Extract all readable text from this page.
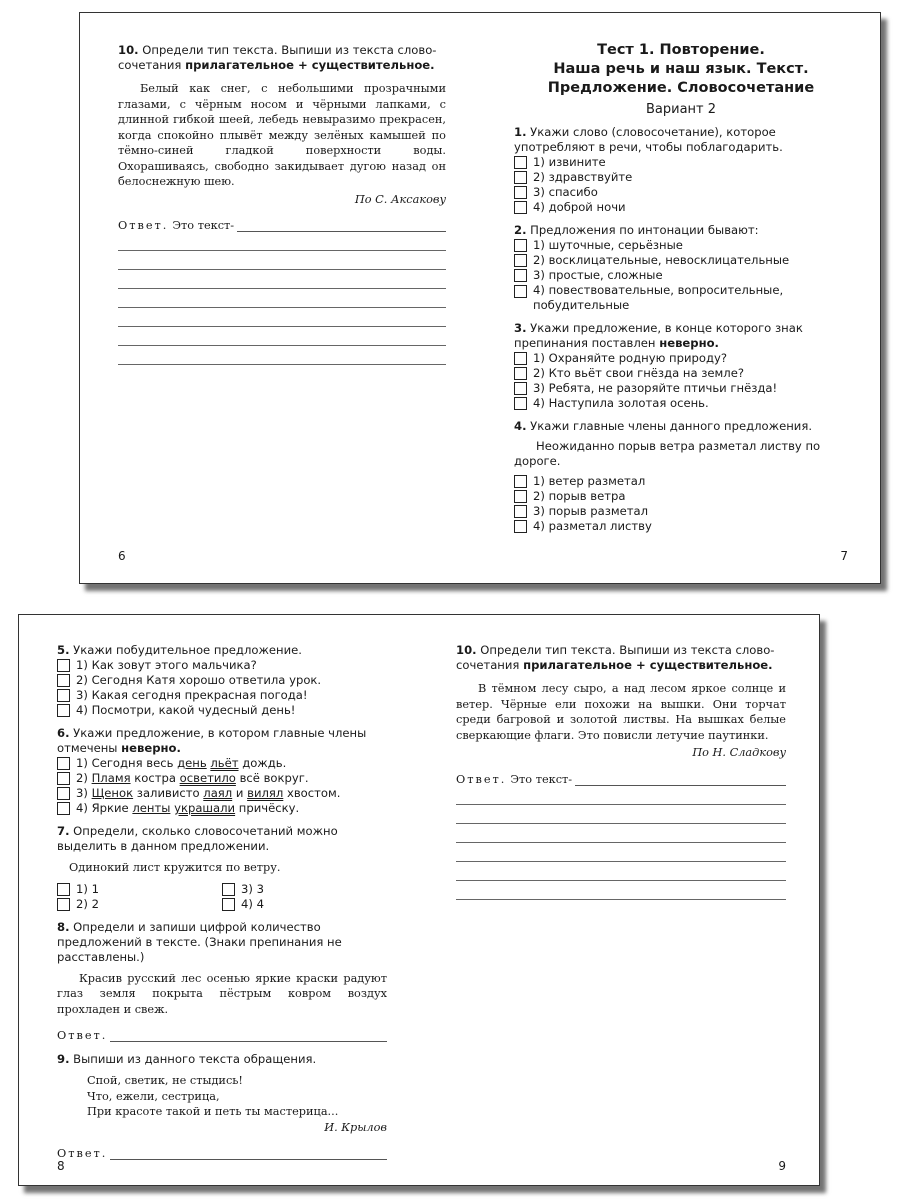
10. Определи тип текста. Выпиши из текста слово-сочетания прилагательное + существительное.

Белый как снег, с небольшими прозрачными глазами, с чёрным носом и чёрными лапками, с длинной гибкой шеей, лебедь невыразимо прекрасен, когда спокойно плывёт между зелёных камышей по тёмно-синей гладкой поверхности воды. Охорашиваясь, свободно закидывает дугою назад он белоснежную шею.

По С. Аксакову

Ответ. Это текст-
6
Тест 1. Повторение.
Наша речь и наш язык. Текст.
Предложение. Словосочетание
Вариант 2

1. Укажи слово (словосочетание), которое употребляют в речи, чтобы поблагодарить.

1) извините
2) здравствуйте
3) спасибо
4) доброй ночи

2. Предложения по интонации бывают:

1) шуточные, серьёзные
2) восклицательные, невосклицательные
3) простые, сложные
4) повествовательные, вопросительные, побудительные

3. Укажи предложение, в конце которого знак препинания поставлен неверно.

1) Охраняйте родную природу?
2) Кто вьёт свои гнёзда на земле?
3) Ребята, не разоряйте птичьи гнёзда!
4) Наступила золотая осень.

4. Укажи главные члены данного предложения.

Неожиданно порыв ветра разметал листву по дороге.

1) ветер разметал
2) порыв ветра
3) порыв разметал
4) разметал листву
7

5. Укажи побудительное предложение.

1) Как зовут этого мальчика?
2) Сегодня Катя хорошо ответила урок.
3) Какая сегодня прекрасная погода!
4) Посмотри, какой чудесный день!

6. Укажи предложение, в котором главные члены отмечены неверно.

1) Сегодня весь день льёт дождь.
2) Пламя костра осветило всё вокруг.
3) Щенок заливисто лаял и вилял хвостом.
4) Яркие ленты украшали причёску.

7. Определи, сколько словосочетаний можно выделить в данном предложении.

Одинокий лист кружится по ветру.

1) 1
2) 2
3) 3
4) 4

8. Определи и запиши цифрой количество предложений в тексте. (Знаки препинания не расставлены.)

Красив русский лес осенью яркие краски радуют глаз земля покрыта пёстрым ковром воздух прохладен и свеж.

Ответ.

9. Выпиши из данного текста обращения.

Спой, светик, не стыдись!
Что, ежели, сестрица,
При красоте такой и петь ты мастерица...

И. Крылов

Ответ.
8

10. Определи тип текста. Выпиши из текста слово-сочетания прилагательное + существительное.

В тёмном лесу сыро, а над лесом яркое солнце и ветер. Чёрные ели похожи на вышки. Они торчат среди багровой и золотой листвы. На вышках белые сверкающие флаги. Это повисли летучие паутинки.

По Н. Сладкову

Ответ. Это текст-
9
